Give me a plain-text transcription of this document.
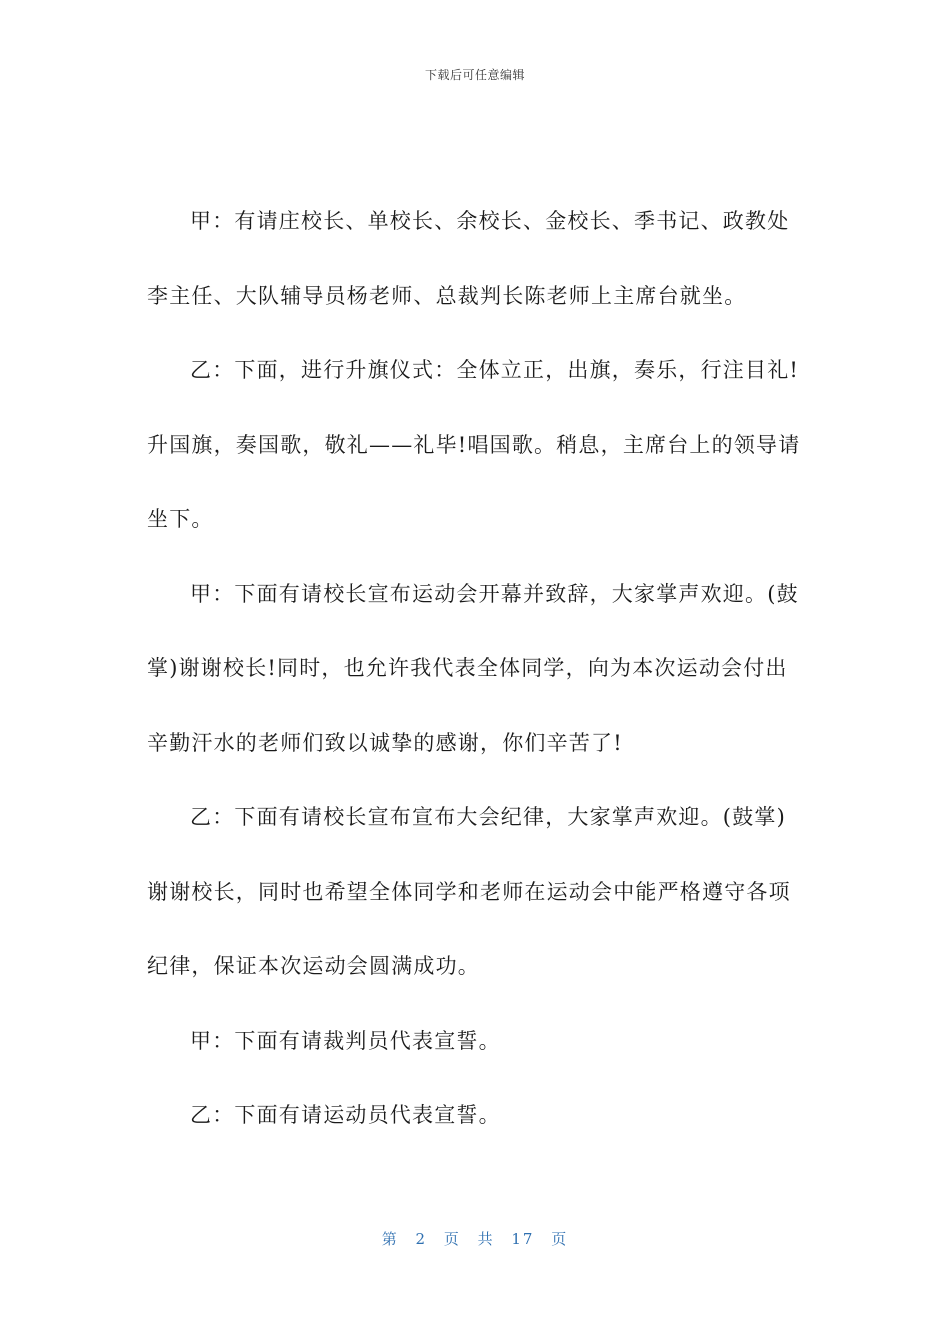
下载后可任意编辑
甲：有请庄校长、单校长、余校长、金校长、季书记、政教处
李主任、大队辅导员杨老师、总裁判长陈老师上主席台就坐。
乙：下面，进行升旗仪式：全体立正，出旗，奏乐，行注目礼!
升国旗，奏国歌，敬礼——礼毕!唱国歌。稍息，主席台上的领导请
坐下。
甲：下面有请校长宣布运动会开幕并致辞，大家掌声欢迎。(鼓
掌)谢谢校长!同时，也允许我代表全体同学，向为本次运动会付出
辛勤汗水的老师们致以诚挚的感谢，你们辛苦了!
乙：下面有请校长宣布宣布大会纪律，大家掌声欢迎。(鼓掌)
谢谢校长，同时也希望全体同学和老师在运动会中能严格遵守各项
纪律，保证本次运动会圆满成功。
甲：下面有请裁判员代表宣誓。
乙：下面有请运动员代表宣誓。
第 2 页 共 17 页
